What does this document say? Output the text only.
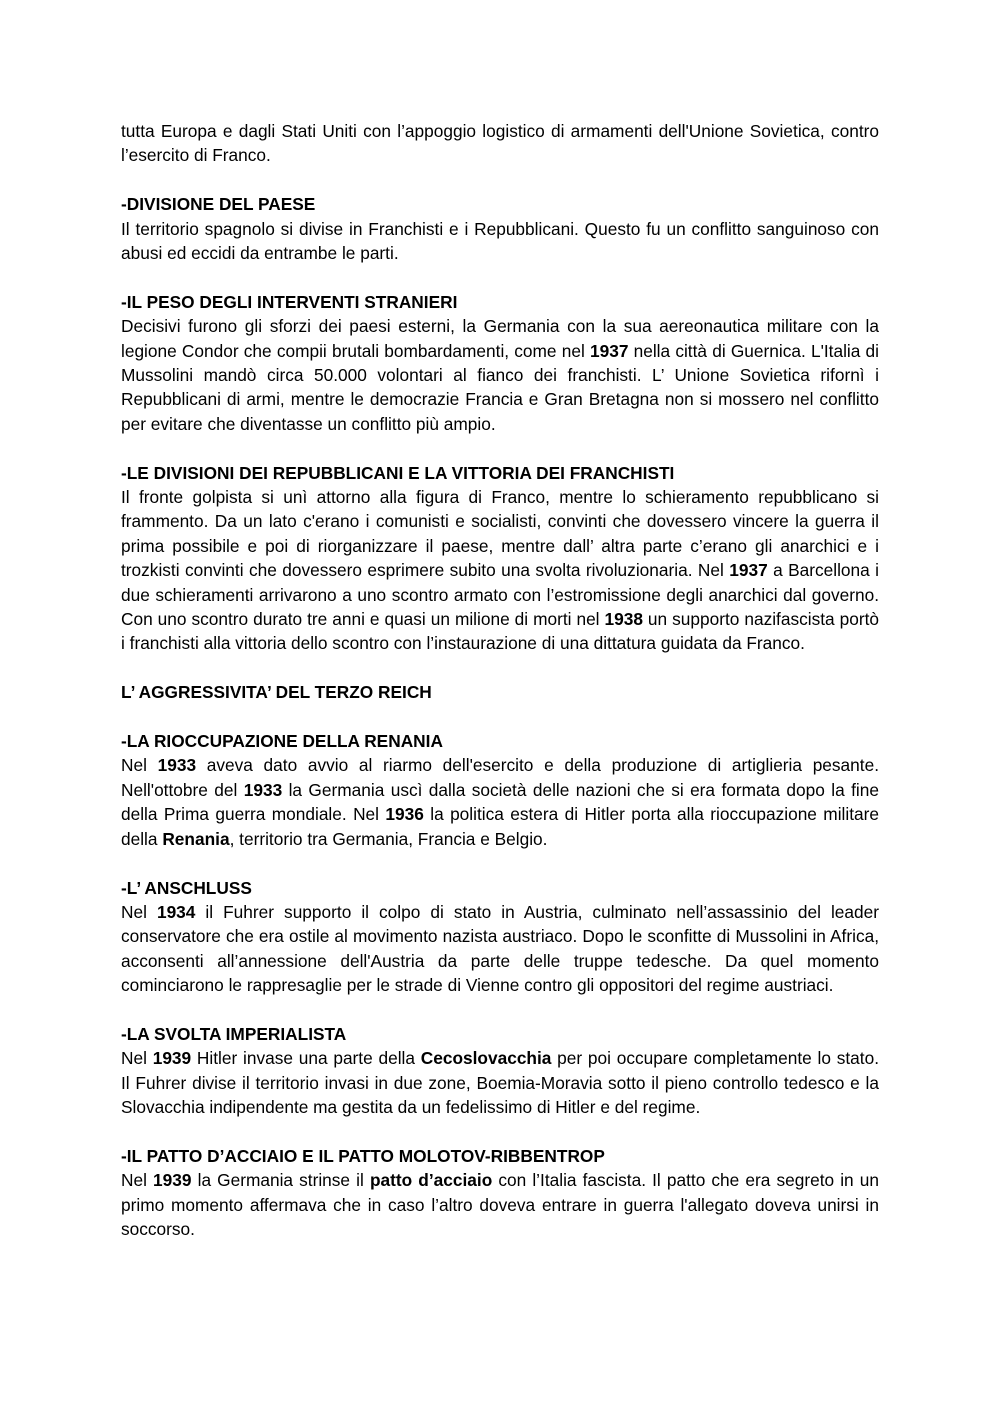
tutta Europa e dagli Stati Uniti con l’appoggio logistico di armamenti dell'Unione Sovietica, contro l’esercito di Franco.

-DIVISIONE DEL PAESE

Il territorio spagnolo si divise in Franchisti e i Repubblicani. Questo fu un conflitto sanguinoso con abusi ed eccidi da entrambe le parti.

-IL PESO DEGLI INTERVENTI STRANIERI

Decisivi furono gli sforzi dei paesi esterni, la Germania con la sua aereonautica militare con la legione Condor che compii brutali bombardamenti, come nel 1937 nella città di Guernica. L'Italia di Mussolini mandò circa 50.000 volontari al fianco dei franchisti. L’ Unione Sovietica rifornì i Repubblicani di armi, mentre le democrazie Francia e Gran Bretagna non si mossero nel conflitto per evitare che diventasse un conflitto più ampio.

-LE DIVISIONI DEI REPUBBLICANI E LA VITTORIA DEI FRANCHISTI

Il fronte golpista si unì attorno alla figura di Franco, mentre lo schieramento repubblicano si frammento. Da un lato c'erano i comunisti e socialisti, convinti che dovessero vincere la guerra il prima possibile e poi di riorganizzare il paese, mentre dall’ altra parte c’erano gli anarchici e i trozkisti convinti che dovessero esprimere subito una svolta rivoluzionaria. Nel 1937 a Barcellona i due schieramenti arrivarono a uno scontro armato con l’estromissione degli anarchici dal governo. Con uno scontro durato tre anni e quasi un milione di morti nel 1938 un supporto nazifascista portò i franchisti alla vittoria dello scontro con l’instaurazione di una dittatura guidata da Franco.

L’ AGGRESSIVITA’ DEL TERZO REICH

-LA RIOCCUPAZIONE DELLA RENANIA

Nel 1933 aveva dato avvio al riarmo dell'esercito e della produzione di artiglieria pesante. Nell'ottobre del 1933 la Germania uscì dalla società delle nazioni che si era formata dopo la fine della Prima guerra mondiale. Nel 1936 la politica estera di Hitler porta alla rioccupazione militare della Renania, territorio tra Germania, Francia e Belgio.

-L’ ANSCHLUSS

Nel 1934 il Fuhrer supporto il colpo di stato in Austria, culminato nell’assassinio del leader conservatore che era ostile al movimento nazista austriaco. Dopo le sconfitte di Mussolini in Africa, acconsenti all’annessione dell'Austria da parte delle truppe tedesche. Da quel momento cominciarono le rappresaglie per le strade di Vienne contro gli oppositori del regime austriaci.

-LA SVOLTA IMPERIALISTA

Nel 1939 Hitler invase una parte della Cecoslovacchia per poi occupare completamente lo stato. Il Fuhrer divise il territorio invasi in due zone, Boemia-Moravia sotto il pieno controllo tedesco e la Slovacchia indipendente ma gestita da un fedelissimo di Hitler e del regime.

-IL PATTO D’ACCIAIO E IL PATTO MOLOTOV-RIBBENTROP

Nel 1939 la Germania strinse il patto d’acciaio con l’Italia fascista. Il patto che era segreto in un primo momento affermava che in caso l’altro doveva entrare in guerra l'allegato doveva unirsi in soccorso.
